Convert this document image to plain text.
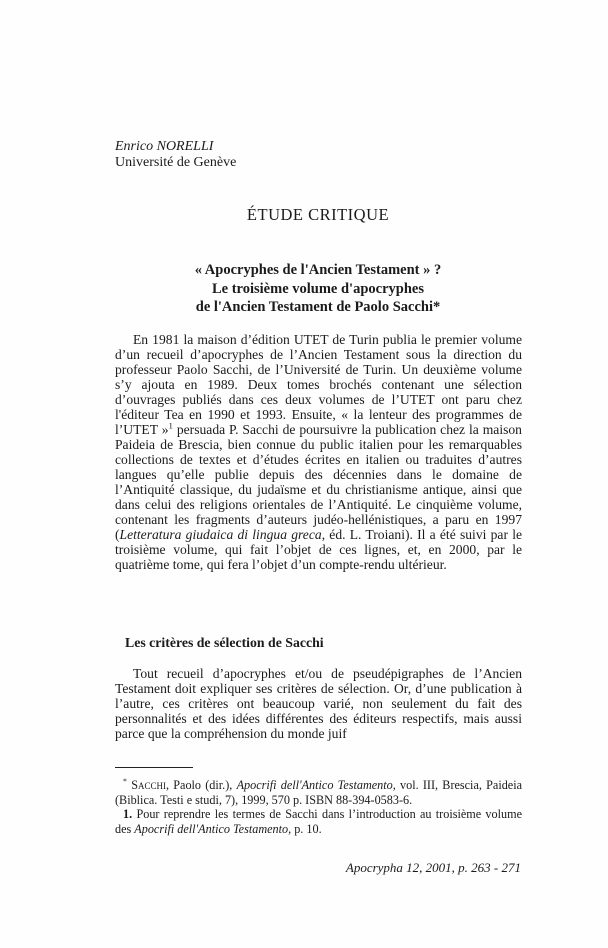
Enrico NORELLI
Université de Genève
ÉTUDE CRITIQUE
« Apocryphes de l'Ancien Testament » ?
Le troisième volume d'apocryphes
de l'Ancien Testament de Paolo Sacchi*

En 1981 la maison d’édition UTET de Turin publia le premier volume d’un recueil d’apocryphes de l’Ancien Testament sous la direction du professeur Paolo Sacchi, de l’Université de Turin. Un deuxième volume s’y ajouta en 1989. Deux tomes brochés contenant une sélection d’ouvrages publiés dans ces deux volumes de l’UTET ont paru chez l'éditeur Tea en 1990 et 1993. Ensuite, « la lenteur des programmes de l’UTET »$^1$ persuada P. Sacchi de poursuivre la publication chez la maison Paideia de Brescia, bien connue du public italien pour les remarquables collections de textes et d’études écrites en italien ou traduites d’autres langues qu’elle publie depuis des décennies dans le domaine de l’Antiquité classique, du judaïsme et du christianisme antique, ainsi que dans celui des religions orientales de l’Antiquité. Le cinquième volume, contenant les fragments d’auteurs judéo-hellénistiques, a paru en 1997 (Letteratura giudaica di lingua greca, éd. L. Troiani). Il a été suivi par le troisième volume, qui fait l’objet de ces lignes, et, en 2000, par le quatrième tome, qui fera l’objet d’un compte-rendu ultérieur.

Les critères de sélection de Sacchi

Tout recueil d’apocryphes et/ou de pseudépigraphes de l’Ancien Testament doit expliquer ses critères de sélection. Or, d’une publication à l’autre, ces critères ont beaucoup varié, non seulement du fait des personnalités et des idées différentes des éditeurs respectifs, mais aussi parce que la compréhension du monde juif

* Sacchi, Paolo (dir.), Apocrifi dell'Antico Testamento, vol. III, Brescia, Paideia (Biblica. Testi e studi, 7), 1999, 570 p. ISBN 88-394-0583-6.
1. Pour reprendre les termes de Sacchi dans l’introduction au troisième volume des Apocrifi dell'Antico Testamento, p. 10.
Apocrypha 12, 2001, p. 263 - 271
